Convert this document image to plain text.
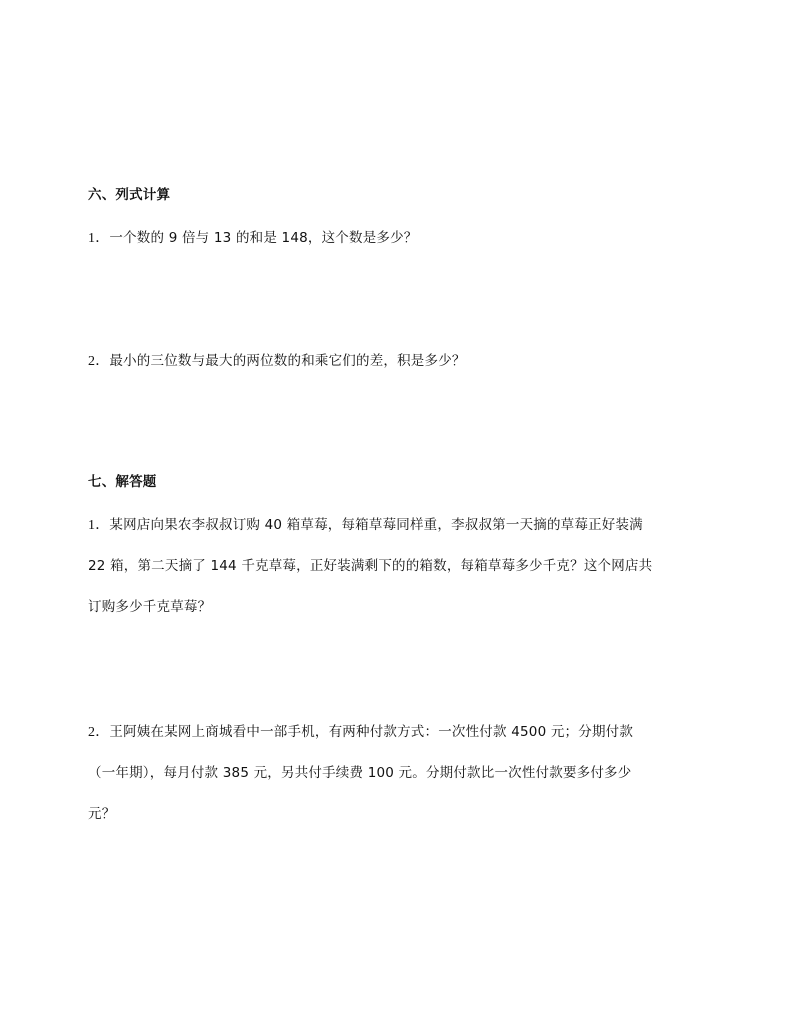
六、列式计算
1．一个数的 9 倍与 13 的和是 148，这个数是多少？
2．最小的三位数与最大的两位数的和乘它们的差，积是多少？
七、解答题
1．某网店向果农李叔叔订购 40 箱草莓，每箱草莓同样重，李叔叔第一天摘的草莓正好装满
22 箱，第二天摘了 144 千克草莓，正好装满剩下的的箱数，每箱草莓多少千克？这个网店共
订购多少千克草莓？
2．王阿姨在某网上商城看中一部手机，有两种付款方式：一次性付款 4500 元；分期付款
（一年期），每月付款 385 元，另共付手续费 100 元。分期付款比一次性付款要多付多少
元？
